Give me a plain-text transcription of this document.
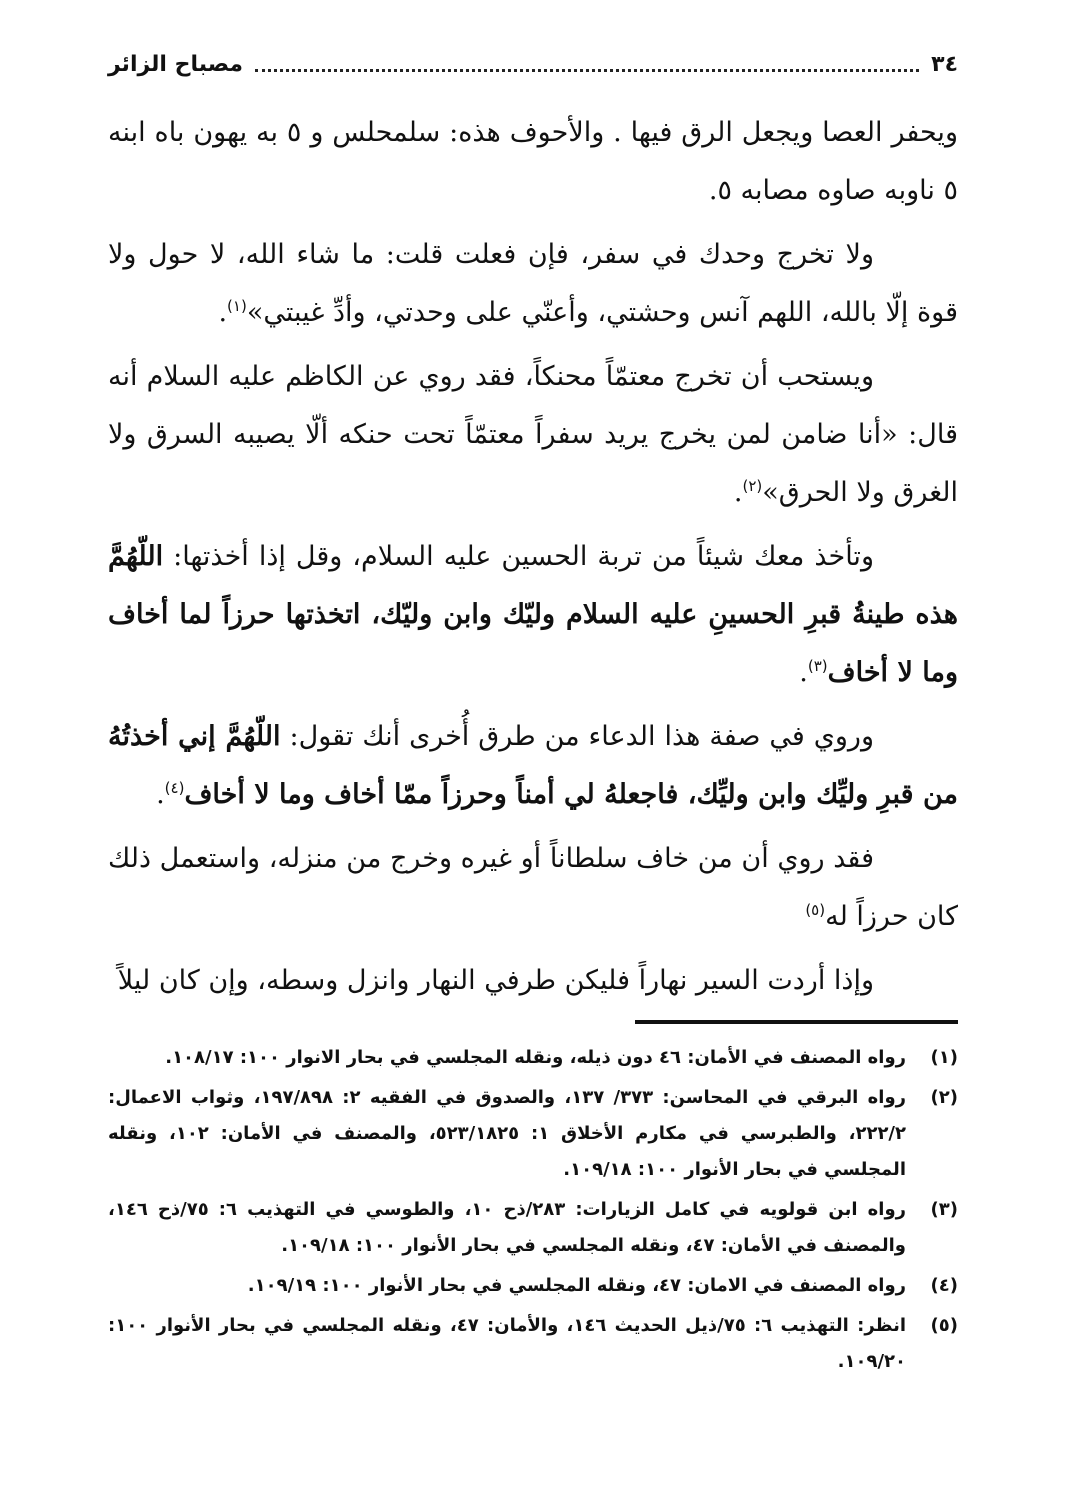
٣٤
مصباح الزائر

ويحفر العصا ويجعل الرق فيها . والأحوف هذه: سلمحلس و ٥ به يهون باه ابنه ٥ ناوبه صاوه مصابه ٥.

ولا تخرج وحدك في سفر، فإن فعلت قلت: ما شاء الله، لا حول ولا قوة إلّا بالله، اللهم آنس وحشتي، وأعنّي على وحدتي، وأدِّ غيبتي»$^{(١)}$.

ويستحب أن تخرج معتمّاً محنكاً، فقد روي عن الكاظم عليه السلام أنه قال: «أنا ضامن لمن يخرج يريد سفراً معتمّاً تحت حنكه ألّا يصيبه السرق ولا الغرق ولا الحرق»$^{(٢)}$.

وتأخذ معك شيئاً من تربة الحسين عليه السلام، وقل إذا أخذتها: اللّهُمَّ هذه طينةُ قبرِ الحسينِ عليه السلام وليّك وابن وليّك، اتخذتها حرزاً لما أخاف وما لا أخاف$^{(٣)}$.

وروي في صفة هذا الدعاء من طرق أُخرى أنك تقول: اللّهُمَّ إني أخذتُهُ من قبرِ وليِّك وابن وليِّك، فاجعلهُ لي أمناً وحرزاً ممّا أخاف وما لا أخاف$^{(٤)}$.

فقد روي أن من خاف سلطاناً أو غيره وخرج من منزله، واستعمل ذلك كان حرزاً له$^{(٥)}$

وإذا أردت السير نهاراً فليكن طرفي النهار وانزل وسطه، وإن كان ليلاً

(١)
رواه المصنف في الأمان: ٤٦ دون ذيله، ونقله المجلسي في بحار الانوار ١٠٠: ١٠٨/١٧.
(٢)
رواه البرقي في المحاسن: ٣٧٣/ ١٣٧، والصدوق في الفقيه ٢: ١٩٧/٨٩٨، وثواب الاعمال: ٢٢٢/٢، والطبرسي في مكارم الأخلاق ١: ٥٢٣/١٨٢٥، والمصنف في الأمان: ١٠٢، ونقله المجلسي في بحار الأنوار ١٠٠: ١٠٩/١٨.
(٣)
رواه ابن قولويه في كامل الزيارات: ٢٨٣/ذح ١٠، والطوسي في التهذيب ٦: ٧٥/ذح ١٤٦، والمصنف في الأمان: ٤٧، ونقله المجلسي في بحار الأنوار ١٠٠: ١٠٩/١٨.
(٤)
رواه المصنف في الامان: ٤٧، ونقله المجلسي في بحار الأنوار ١٠٠: ١٠٩/١٩.
(٥)
انظر: التهذيب ٦: ٧٥/ذيل الحديث ١٤٦، والأمان: ٤٧، ونقله المجلسي في بحار الأنوار ١٠٠: ١٠٩/٢٠.
